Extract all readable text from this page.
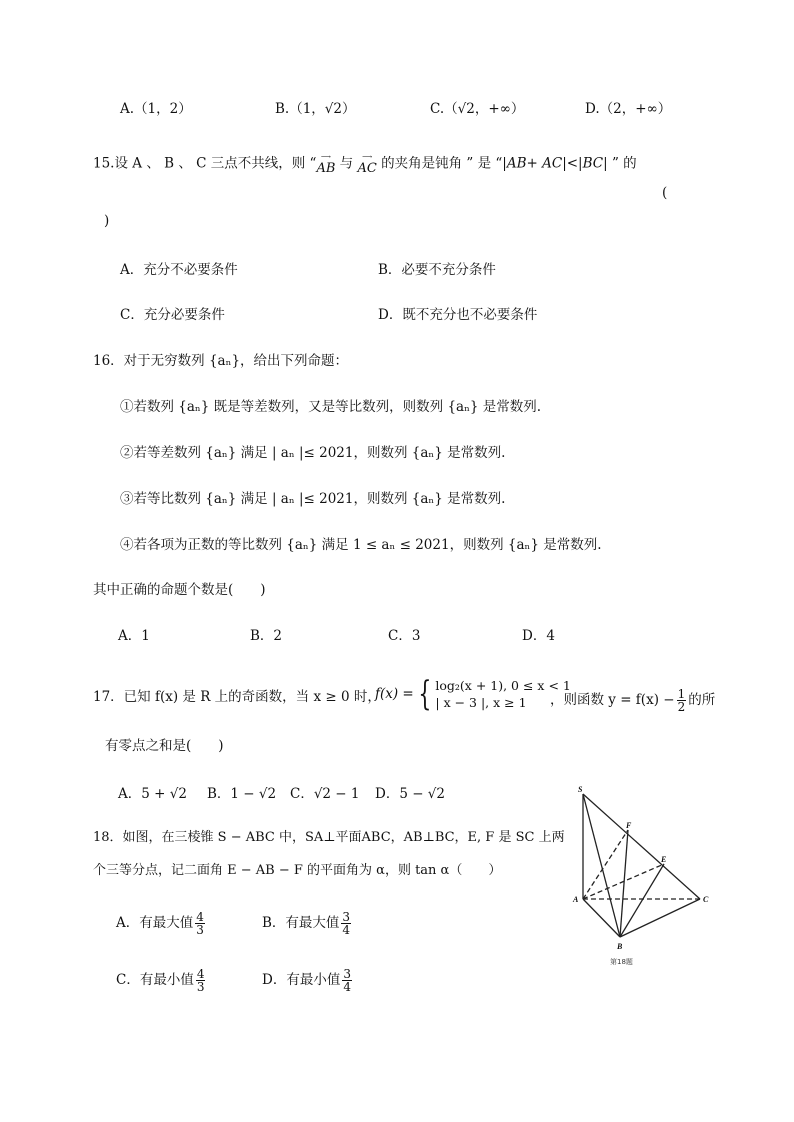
A.（1，2）	B.（1，√2）	C.（√2，+∞）	D.（2，+∞）
15.设 A 、 B 、 C 三点不共线，则 “ ⟶
AB 与 ⟶
AC 的夹角是钝角 ” 是 “|AB+ AC|<|BC| ” 的
(
)
A．充分不必要条件	B．必要不充分条件
C．充分必要条件	D．既不充分也不必要条件
16．对于无穷数列 {aₙ}，给出下列命题：
①若数列 {aₙ} 既是等差数列，又是等比数列，则数列 {aₙ} 是常数列.
②若等差数列 {aₙ} 满足 | aₙ |≤ 2021，则数列 {aₙ} 是常数列.
③若等比数列 {aₙ} 满足 | aₙ |≤ 2021，则数列 {aₙ} 是常数列.
④若各项为正数的等比数列 {aₙ} 满足 1 ≤ aₙ ≤ 2021，则数列 {aₙ} 是常数列.
其中正确的命题个数是(　　)
A．1	B．2	C．3	D．4
17．已知 f(x) 是 R 上的奇函数，当 x ≥ 0 时，
f(x) = { log₂(x + 1), 0 ≤ x < 1
| x − 3 |, x ≥ 1	，则函数 $y = f(x) - \frac{1}{2}$ 的所
有零点之和是(　　)
A．5 + √2 B．1 − √2 C．√2 − 1 D．5 − √2
18．如图，在三棱锥 S − ABC 中，SA⊥平面ABC，AB⊥BC，E, F 是 SC 上两
个三等分点，记二面角 E − AB − F 的平面角为 α，则 tan α（　　）
A．有最大值 $\frac{4}{3}$	B．有最大值 $\frac{3}{4}$
C．有最小值 $\frac{4}{3}$	D．有最小值 $\frac{3}{4}$
S
F
E
A	C
B
第18题
